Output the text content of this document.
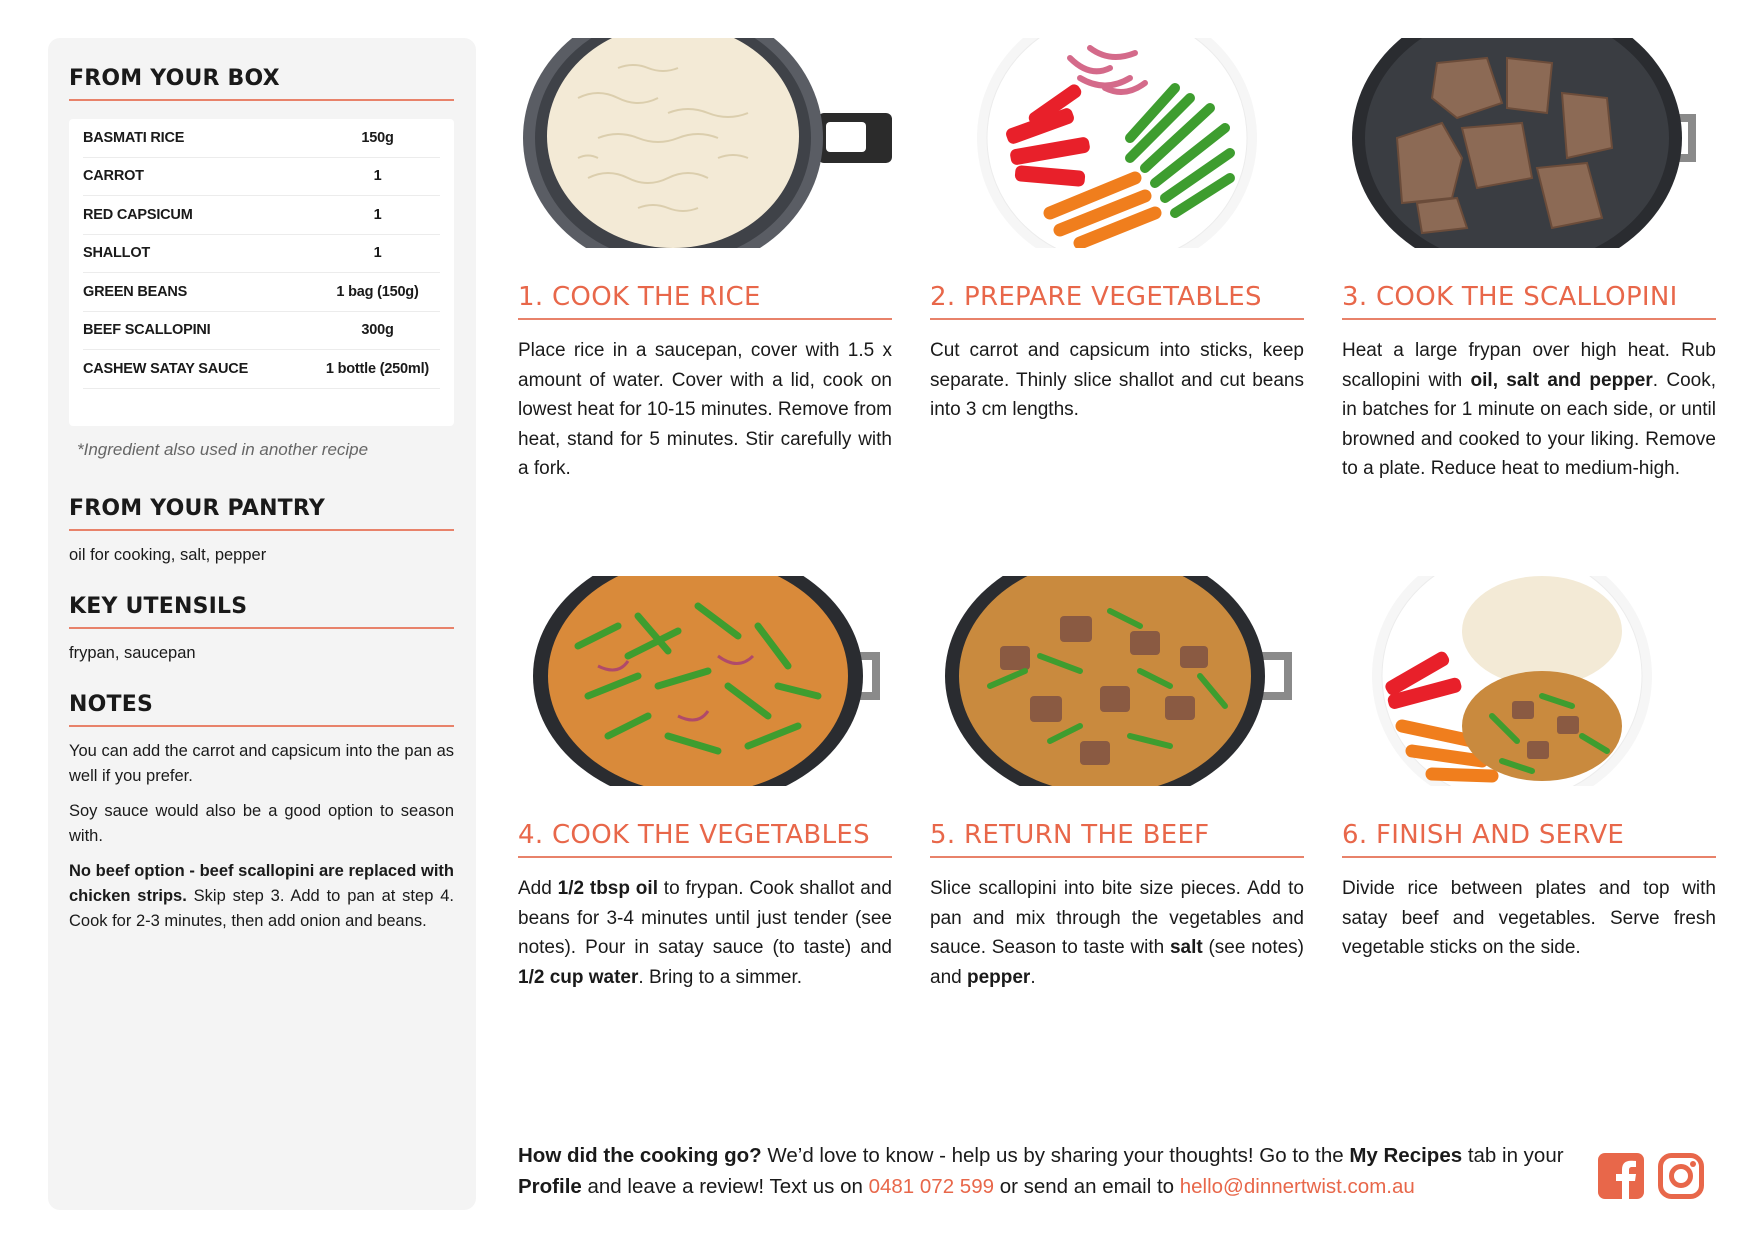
FROM YOUR BOX
BASMATI RICE	150g
CARROT	1
RED CAPSICUM	1
SHALLOT	1
GREEN BEANS	1 bag (150g)
BEEF SCALLOPINI	300g
CASHEW SATAY SAUCE	1 bottle (250ml)
*Ingredient also used in another recipe
FROM YOUR PANTRY
oil for cooking, salt, pepper
KEY UTENSILS
frypan, saucepan
NOTES

You can add the carrot and capsicum into the pan as well if you prefer.

Soy sauce would also be a good option to season with.

No beef option - beef scallopini are replaced with chicken strips. Skip step 3. Add to pan at step 4. Cook for 2-3 minutes, then add onion and beans.

1. COOK THE RICE
Place rice in a saucepan, cover with 1.5 x amount of water. Cover with a lid, cook on lowest heat for 10-15 minutes. Remove from heat, stand for 5 minutes. Stir carefully with a fork.
2. PREPARE VEGETABLES
Cut carrot and capsicum into sticks, keep separate. Thinly slice shallot and cut beans into 3 cm lengths.
3. COOK THE SCALLOPINI
Heat a large frypan over high heat. Rub scallopini with oil, salt and pepper. Cook, in batches for 1 minute on each side, or until browned and cooked to your liking. Remove to a plate. Reduce heat to medium-high.
4. COOK THE VEGETABLES
Add 1/2 tbsp oil to frypan. Cook shallot and beans for 3-4 minutes until just tender (see notes). Pour in satay sauce (to taste) and 1/2 cup water. Bring to a simmer.
5. RETURN THE BEEF
Slice scallopini into bite size pieces. Add to pan and mix through the vegetables and sauce. Season to taste with salt (see notes) and pepper.
6. FINISH AND SERVE
Divide rice between plates and top with satay beef and vegetables. Serve fresh vegetable sticks on the side.
How did the cooking go? We’d love to know - help us by sharing your thoughts! Go to the My Recipes tab in your Profile and leave a review! Text us on 0481 072 599 or send an email to hello@dinnertwist.com.au
